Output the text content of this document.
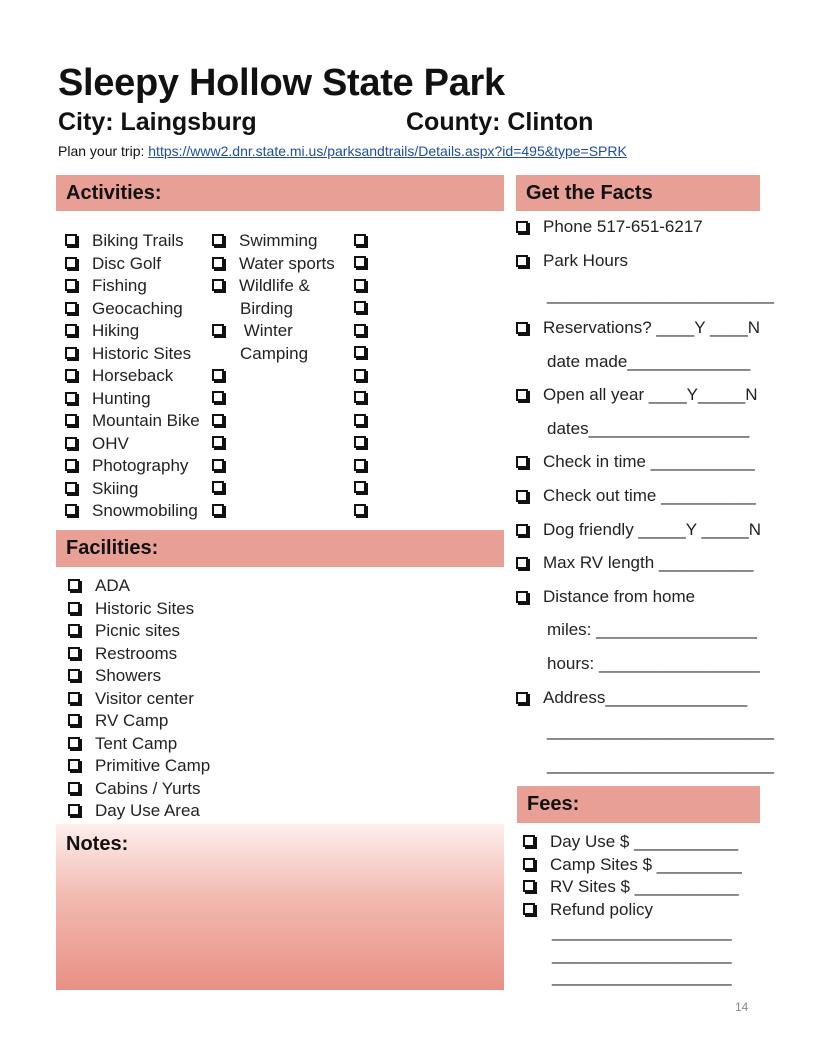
Sleepy Hollow State Park
City: Laingsburg	County: Clinton
Plan your trip: https://www2.dnr.state.mi.us/parksandtrails/Details.aspx?id=495&type=SPRK
Activities:
Biking Trails
Disc Golf
Fishing
Geocaching
Hiking
Historic Sites
Horseback
Hunting
Mountain Bike
OHV
Photography
Skiing
Snowmobiling
Swimming
Water sports
Wildlife &
Birding
Winter
Camping
Facilities:
ADA
Historic Sites
Picnic sites
Restrooms
Showers
Visitor center
RV Camp
Tent Camp
Primitive Camp
Cabins / Yurts
Day Use Area
Notes:
Get the Facts
Phone 517-651-6217
Park Hours
________________________
Reservations? ____Y ____N
date made_____________
Open all year ____Y_____N
dates_________________
Check in time ___________
Check out time __________
Dog friendly _____Y _____N
Max RV length __________
Distance from home
miles: _________________
hours: _________________
Address_______________
________________________
________________________
Fees:
Day Use $ ___________
Camp Sites $ _________
RV Sites $ ___________
Refund policy
___________________
___________________
___________________
14
